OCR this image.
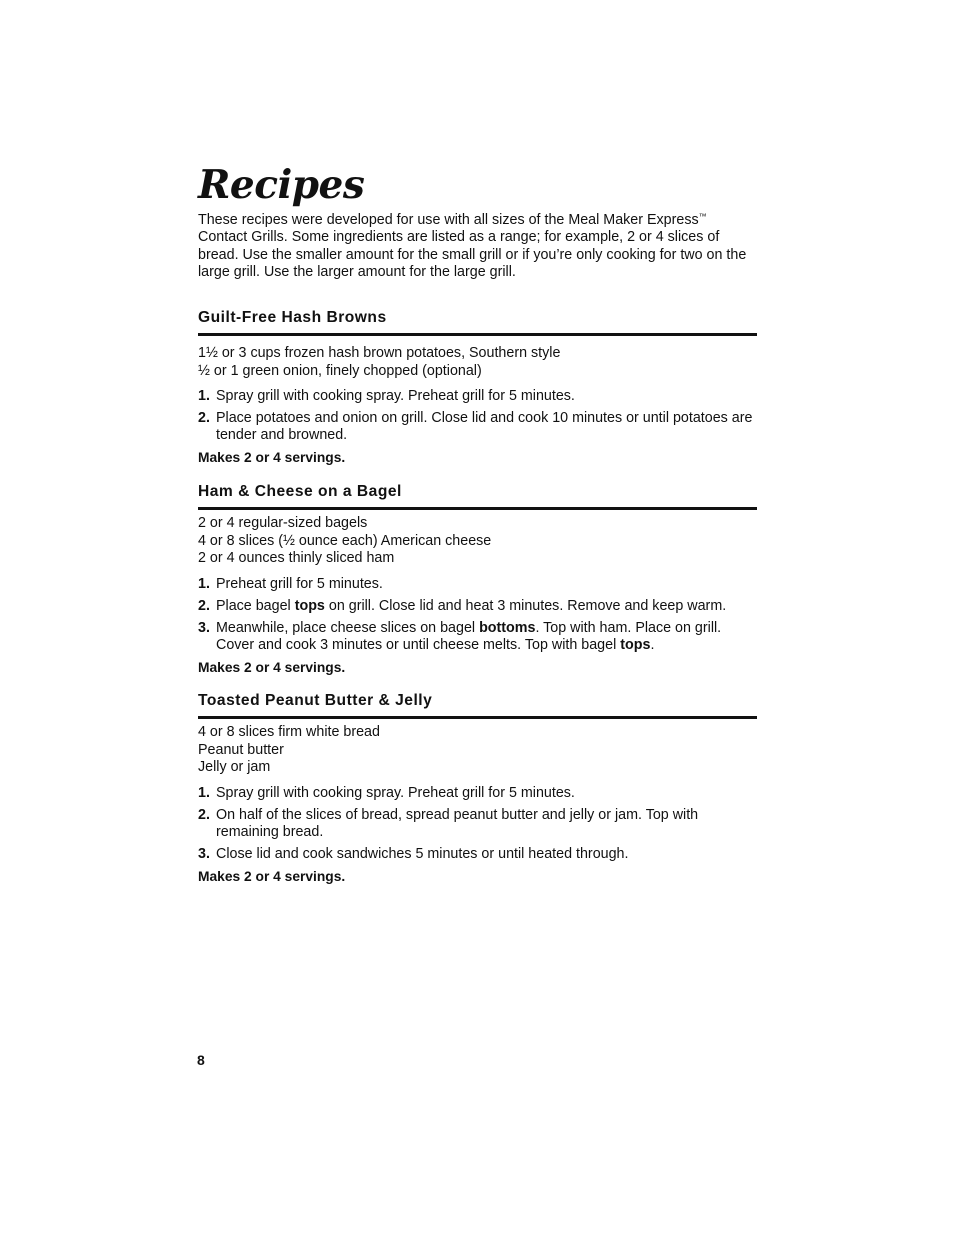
Recipes

These recipes were developed for use with all sizes of the Meal Maker Express™ Contact Grills. Some ingredients are listed as a range; for example, 2 or 4 slices of bread. Use the smaller amount for the small grill or if you’re only cooking for two on the large grill. Use the larger amount for the large grill.

Guilt-Free Hash Browns
1½ or 3 cups frozen hash brown potatoes, Southern style
½ or 1 green onion, finely chopped (optional)
1. Spray grill with cooking spray. Preheat grill for 5 minutes.
2. Place potatoes and onion on grill. Close lid and cook 10 minutes or until potatoes are tender and browned.

Makes 2 or 4 servings.

Ham & Cheese on a Bagel
2 or 4 regular-sized bagels
4 or 8 slices (½ ounce each) American cheese
2 or 4 ounces thinly sliced ham
1. Preheat grill for 5 minutes.
2. Place bagel tops on grill. Close lid and heat 3 minutes. Remove and keep warm.
3. Meanwhile, place cheese slices on bagel bottoms. Top with ham. Place on grill. Cover and cook 3 minutes or until cheese melts. Top with bagel tops.

Makes 2 or 4 servings.

Toasted Peanut Butter & Jelly
4 or 8 slices firm white bread
Peanut butter
Jelly or jam
1. Spray grill with cooking spray. Preheat grill for 5 minutes.
2. On half of the slices of bread, spread peanut butter and jelly or jam. Top with remaining bread.
3. Close lid and cook sandwiches 5 minutes or until heated through.

Makes 2 or 4 servings.

8
